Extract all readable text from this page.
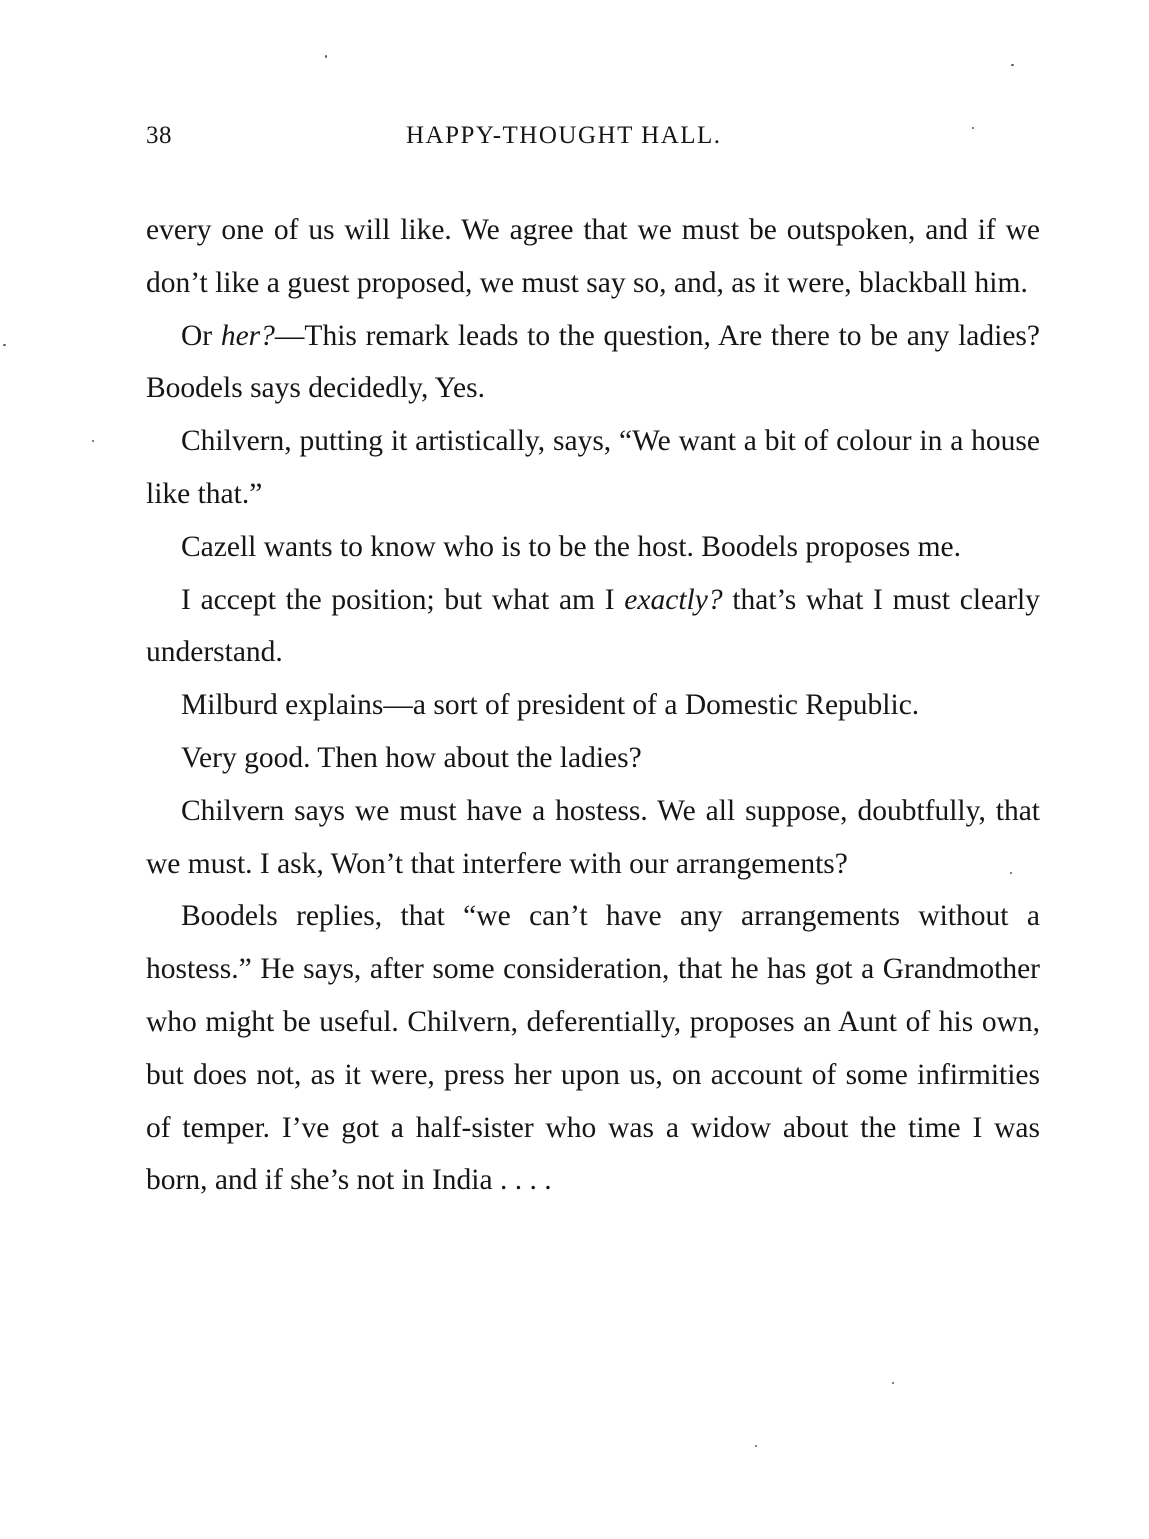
38	HAPPY-THOUGHT HALL.

every one of us will like. We agree that we must be outspoken, and if we don’t like a guest proposed, we must say so, and, as it were, blackball him.

Or her?—This remark leads to the question, Are there to be any ladies? Boodels says decidedly, Yes.

Chilvern, putting it artistically, says, “We want a bit of colour in a house like that.”

Cazell wants to know who is to be the host. Boodels proposes me.

I accept the position; but what am I exactly? that’s what I must clearly understand.

Milburd explains—a sort of president of a Domestic Republic.

Very good. Then how about the ladies?

Chilvern says we must have a hostess. We all suppose, doubtfully, that we must. I ask, Won’t that interfere with our arrangements?

Boodels replies, that “we can’t have any arrangements without a hostess.” He says, after some consideration, that he has got a Grandmother who might be useful. Chilvern, deferentially, proposes an Aunt of his own, but does not, as it were, press her upon us, on account of some infirmities of temper. I’ve got a half-sister who was a widow about the time I was born, and if she’s not in India . . . .
